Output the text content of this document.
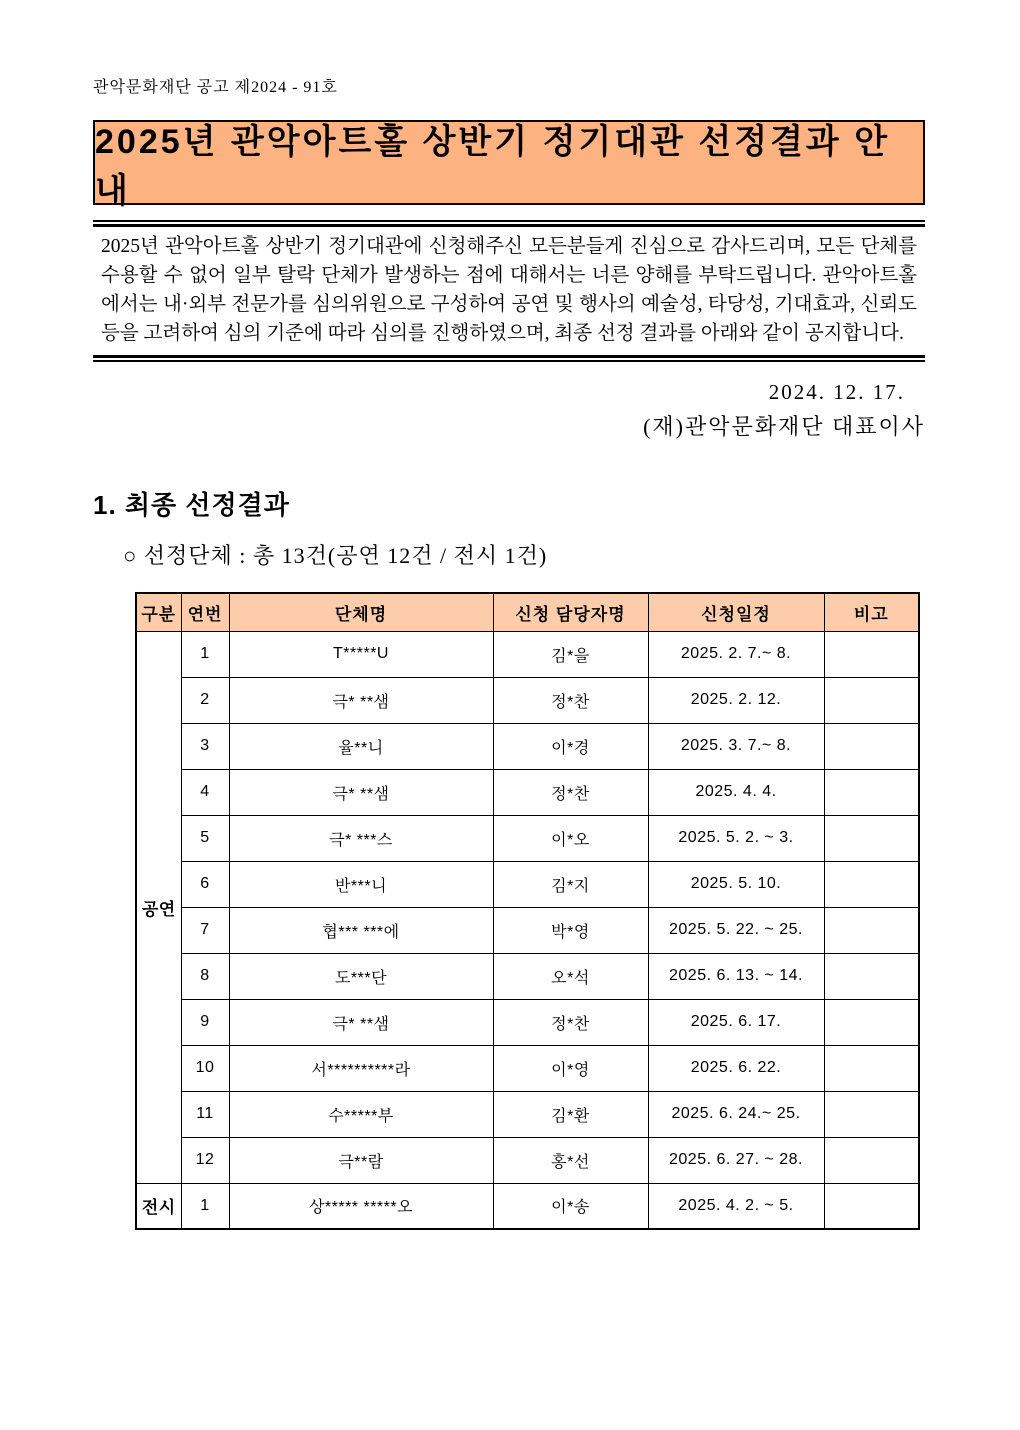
관악문화재단 공고 제2024 - 91호
2025년 관악아트홀 상반기 정기대관 선정결과 안내

2025년 관악아트홀 상반기 정기대관에 신청해주신 모든분들게 진심으로 감사드리며, 모든 단체를 수용할 수 없어 일부 탈락 단체가 발생하는 점에 대해서는 너른 양해를 부탁드립니다. 관악아트홀에서는 내·외부 전문가를 심의위원으로 구성하여 공연 및 행사의 예술성, 타당성, 기대효과, 신뢰도 등을 고려하여 심의 기준에 따라 심의를 진행하였으며, 최종 선정 결과를 아래와 같이 공지합니다.

2024. 12. 17.
(재)관악문화재단 대표이사
1. 최종 선정결과
○ 선정단체 : 총 13건(공연 12건 / 전시 1건)
구분	연번	단체명	신청 담당자명	신청일정	비고
공연	1	T*****U	김*을	2025. 2. 7.~ 8.	
	2	극* **샘	정*찬	2025. 2. 12.	
	3	율**니	이*경	2025. 3. 7.~ 8.	
	4	극* **샘	정*찬	2025. 4. 4.	
	5	극* ***스	이*오	2025. 5. 2. ~ 3.	
	6	반***니	김*지	2025. 5. 10.	
	7	협*** ***에	박*영	2025. 5. 22. ~ 25.	
	8	도***단	오*석	2025. 6. 13. ~ 14.	
	9	극* **샘	정*찬	2025. 6. 17.	
	10	서**********라	이*영	2025. 6. 22.	
	11	수*****부	김*환	2025. 6. 24.~ 25.	
	12	극**람	홍*선	2025. 6. 27. ~ 28.	
전시	1	상***** *****오	이*송	2025. 4. 2. ~ 5.	
